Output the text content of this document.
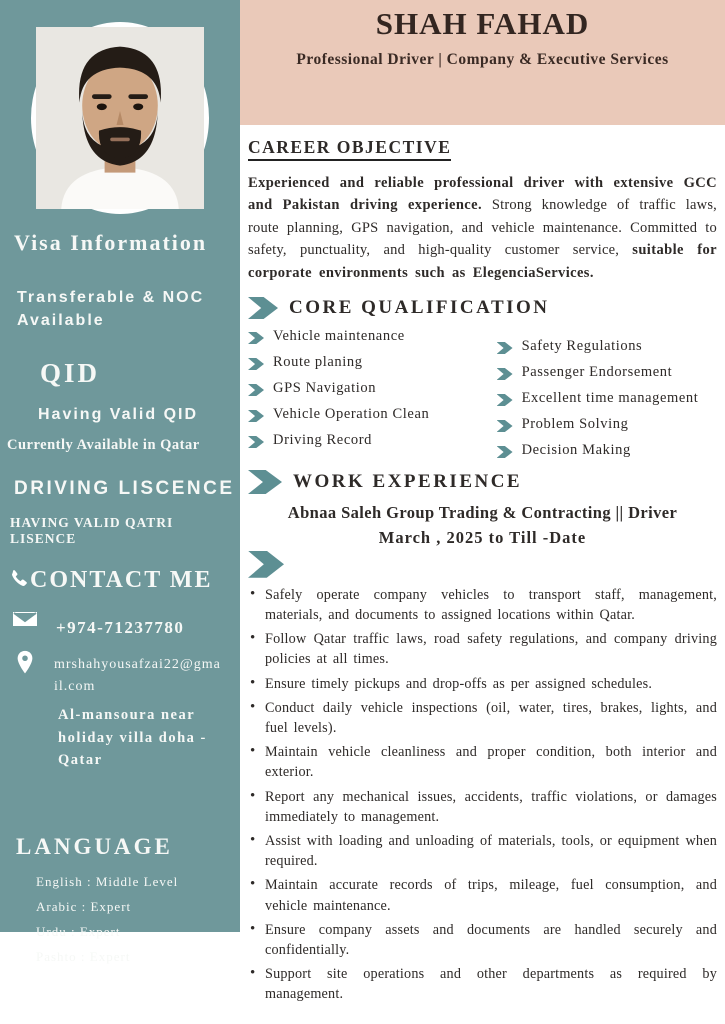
Visa Information

Transferable & NOC Available

QID

Having Valid QID

Currently Available in Qatar

DRIVING LISCENCE

HAVING VALID QATRI LISENCE

CONTACT ME
+974-71237780
mrshahyousafzai22@gmail.com

Al-mansoura near holiday villa doha -Qatar

LANGUAGE
English : Middle Level
Arabic : Expert
Urdu : Expert
Pashto : Expert
SHAH FAHAD

Professional Driver | Company & Executive Services

CAREER OBJECTIVE

Experienced and reliable professional driver with extensive GCC and Pakistan driving experience. Strong knowledge of traffic laws, route planning, GPS navigation, and vehicle maintenance. Committed to safety, punctuality, and high-quality customer service, suitable for corporate environments such as ElegenciaServices.

CORE QUALIFICATION
Vehicle maintenance
Route planing
GPS Navigation
Vehicle Operation Clean
Driving Record
Safety Regulations
Passenger Endorsement
Excellent time management
Problem Solving
Decision Making
WORK EXPERIENCE

Abnaa Saleh Group Trading & Contracting || Driver

March , 2025 to Till -Date

• Safely operate company vehicles to transport staff, management, materials, and documents to assigned locations within Qatar.
• Follow Qatar traffic laws, road safety regulations, and company driving policies at all times.
• Ensure timely pickups and drop-offs as per assigned schedules.
• Conduct daily vehicle inspections (oil, water, tires, brakes, lights, and fuel levels).
• Maintain vehicle cleanliness and proper condition, both interior and exterior.
• Report any mechanical issues, accidents, traffic violations, or damages immediately to management.
• Assist with loading and unloading of materials, tools, or equipment when required.
• Maintain accurate records of trips, mileage, fuel consumption, and vehicle maintenance.
• Ensure company assets and documents are handled securely and confidentially.
• Support site operations and other departments as required by management.
